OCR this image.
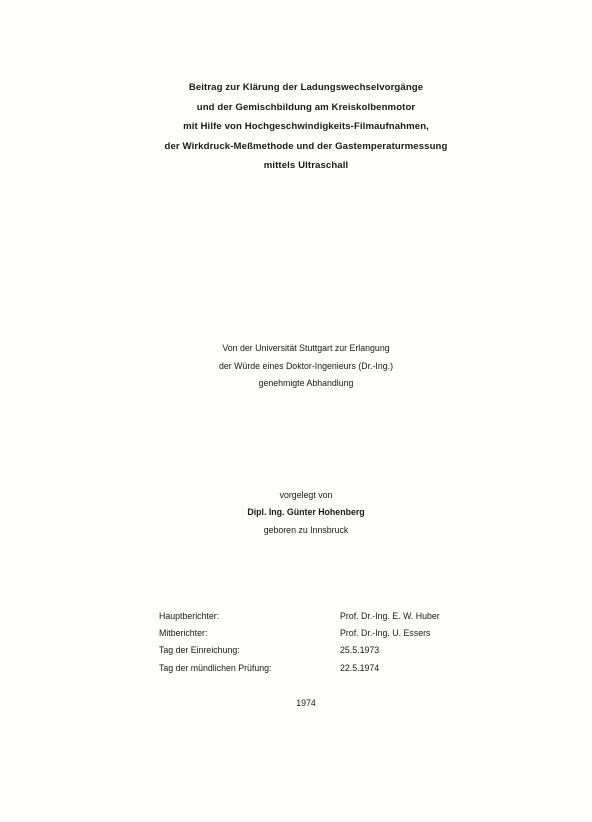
Beitrag zur Klärung der Ladungswechselvorgänge
und der Gemischbildung am Kreiskolbenmotor
mit Hilfe von Hochgeschwindigkeits-Filmaufnahmen,
der Wirkdruck-Meßmethode und der Gastemperaturmessung
mittels Ultraschall
Von der Universität Stuttgart zur Erlangung
der Würde eines Doktor-Ingenieurs (Dr.-Ing.)
genehmigte Abhandlung
vorgelegt von
Dipl. Ing. Günter Hohenberg
geboren zu Innsbruck
Hauptberichter:	Prof. Dr.-Ing. E. W. Huber
Mitberichter:	Prof. Dr.-Ing. U. Essers
Tag der Einreichung:	25.5.1973
Tag der mündlichen Prüfung:	22.5.1974
1974
